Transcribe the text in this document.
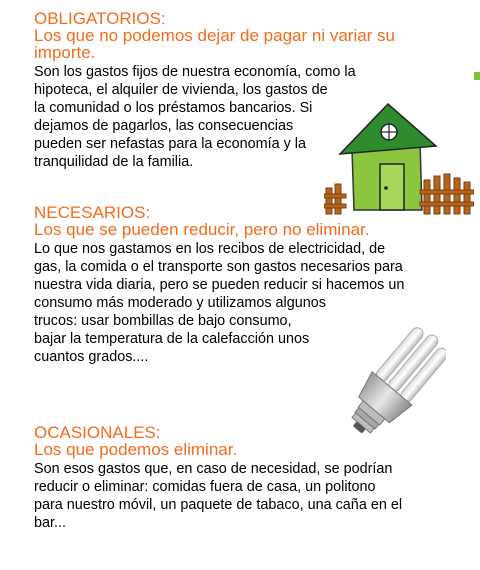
OBLIGATORIOS:
Los que no podemos dejar de pagar ni variar su
importe.

Son los gastos fijos de nuestra economía, como la
hipoteca, el alquiler de vivienda, los gastos de
la comunidad o los préstamos bancarios. Si
dejamos de pagarlos, las consecuencias
pueden ser nefastas para la economía y la
tranquilidad de la familia.

NECESARIOS:
Los que se pueden reducir, pero no eliminar.

Lo que nos gastamos en los recibos de electricidad, de
gas, la comida o el transporte son gastos necesarios para
nuestra vida diaria, pero se pueden reducir si hacemos un
consumo más moderado y utilizamos algunos
trucos: usar bombillas de bajo consumo,
bajar la temperatura de la calefacción unos
cuantos grados....

OCASIONALES:
Los que podemos eliminar.

Son esos gastos que, en caso de necesidad, se podrían
reducir o eliminar: comidas fuera de casa, un politono
para nuestro móvil, un paquete de tabaco, una caña en el
bar...
